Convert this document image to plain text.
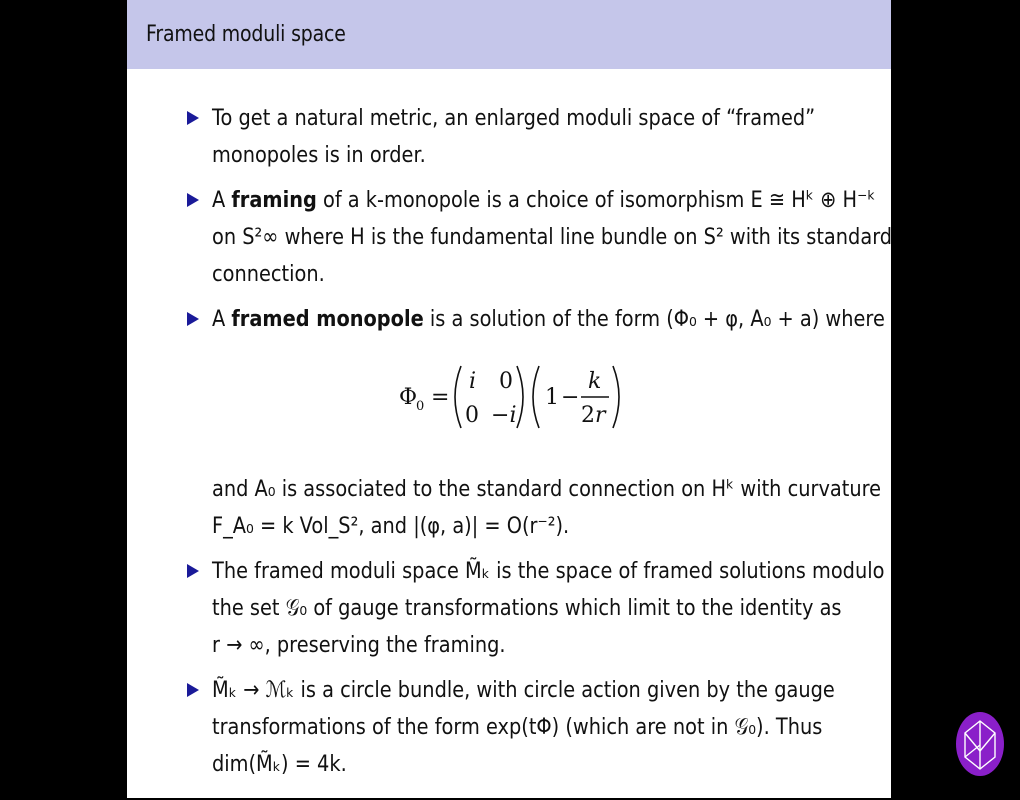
Framed moduli space
To get a natural metric, an enlarged moduli space of “framed”
monopoles is in order.
A framing of a k-monopole is a choice of isomorphism E ≅ Hᵏ ⊕ H⁻ᵏ
on S²∞ where H is the fundamental line bundle on S² with its standard
connection.
A framed monopole is a solution of the form (Φ₀ + φ, A₀ + a) where
and A₀ is associated to the standard connection on Hᵏ with curvature
F_A₀ = k Vol_S², and |(φ, a)| = O(r⁻²).
The framed moduli space M̃ₖ is the space of framed solutions modulo
the set 𝒢₀ of gauge transformations which limit to the identity as
r → ∞, preserving the framing.
M̃ₖ → ℳₖ is a circle bundle, with circle action given by the gauge
transformations of the form exp(tΦ) (which are not in 𝒢₀). Thus
dim(M̃ₖ) = 4k.
Φ
0 =
i 0
0 −i
1 −
k
2r
